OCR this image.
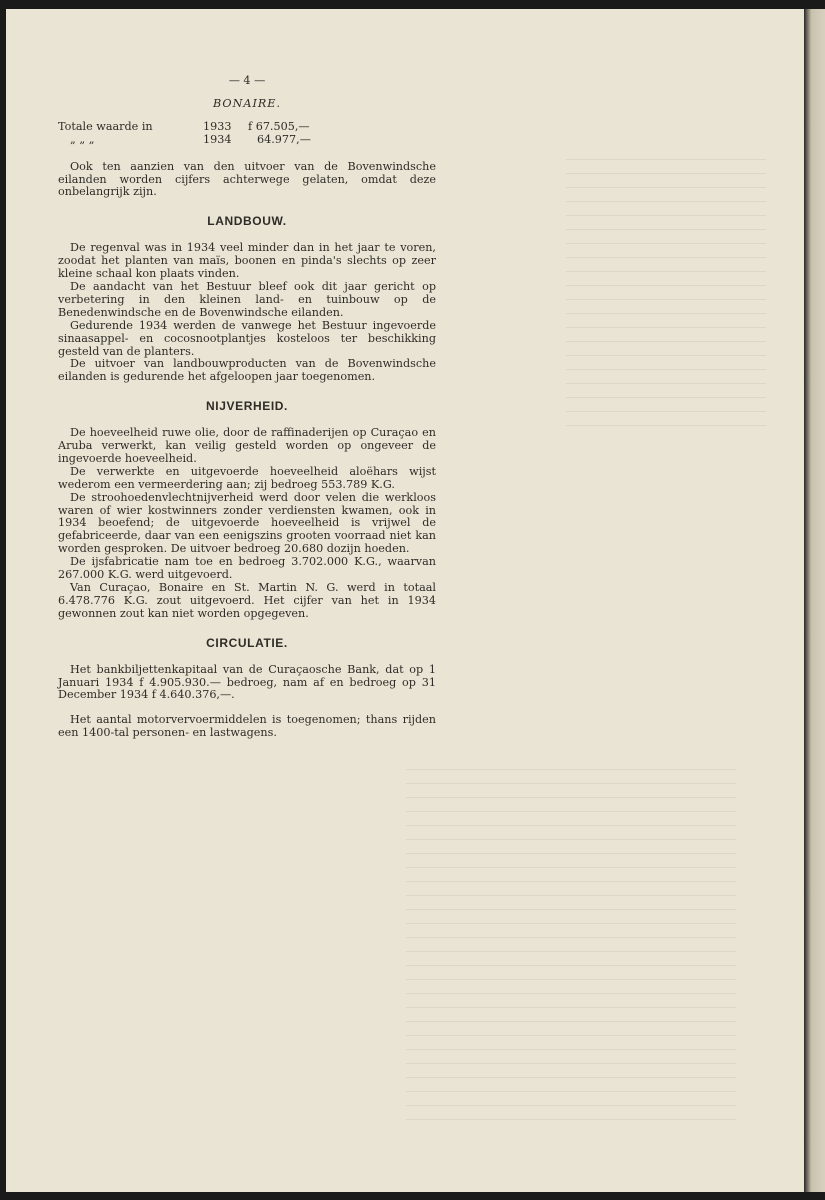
— 4 —
BONAIRE.
Totale waarde in	1933	f 67.505,—
„ „ „	1934	64.977,—

Ook ten aanzien van den uitvoer van de Bovenwindsche eilanden worden cijfers achterwege gelaten, omdat deze onbelangrijk zijn.

LANDBOUW.

De regenval was in 1934 veel minder dan in het jaar te voren, zoodat het planten van maïs, boonen en pinda's slechts op zeer kleine schaal kon plaats vinden.

De aandacht van het Bestuur bleef ook dit jaar gericht op verbetering in den kleinen land- en tuinbouw op de Benedenwindsche en de Bovenwindsche eilanden.

Gedurende 1934 werden de vanwege het Bestuur ingevoerde sinaasappel- en cocosnootplantjes kosteloos ter beschikking gesteld van de planters.

De uitvoer van landbouwproducten van de Bovenwindsche eilanden is gedurende het afgeloopen jaar toegenomen.

NIJVERHEID.

De hoeveelheid ruwe olie, door de raffinaderijen op Curaçao en Aruba verwerkt, kan veilig gesteld worden op ongeveer de ingevoerde hoeveelheid.

De verwerkte en uitgevoerde hoeveelheid aloëhars wijst wederom een vermeerdering aan; zij bedroeg 553.789 K.G.

De stroohoedenvlechtnijverheid werd door velen die werkloos waren of wier kostwinners zonder verdiensten kwamen, ook in 1934 beoefend; de uitgevoerde hoeveelheid is vrijwel de gefabriceerde, daar van een eenigszins grooten voorraad niet kan worden gesproken. De uitvoer bedroeg 20.680 dozijn hoeden.

De ijsfabricatie nam toe en bedroeg 3.702.000 K.G., waarvan 267.000 K.G. werd uitgevoerd.

Van Curaçao, Bonaire en St. Martin N. G. werd in totaal 6.478.776 K.G. zout uitgevoerd. Het cijfer van het in 1934 gewonnen zout kan niet worden opgegeven.

CIRCULATIE.

Het bankbiljettenkapitaal van de Curaçaosche Bank, dat op 1 Januari 1934 f 4.905.930.— bedroeg, nam af en bedroeg op 31 December 1934 f 4.640.376,—.

Het aantal motorvervoermiddelen is toegenomen; thans rijden een 1400-tal personen- en lastwagens.
